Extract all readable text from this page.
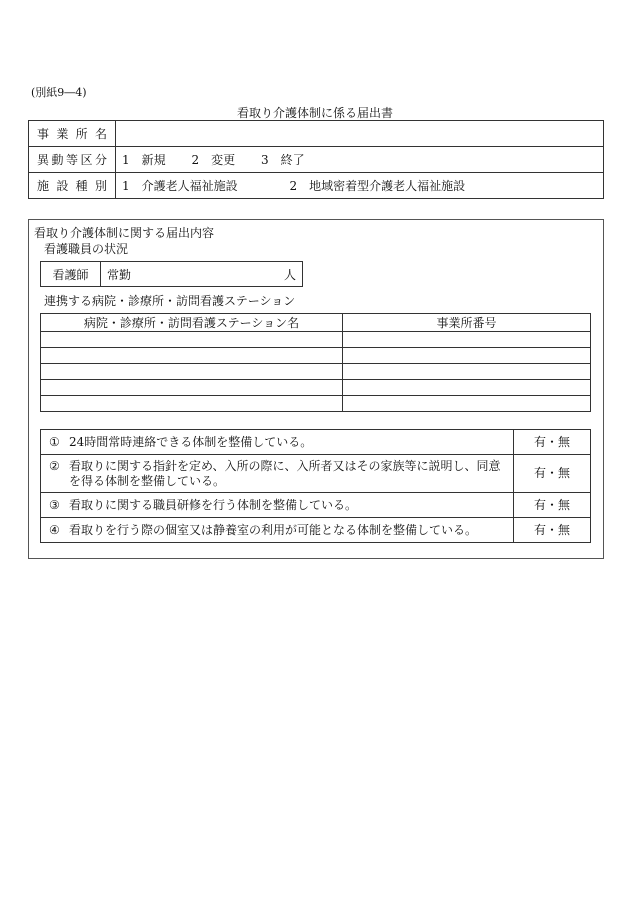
(別紙9―4)
看取り介護体制に係る届出書
事業所名	
異動等区分	1　新規 2　変更 3　終了
施設種別	1　介護老人福祉施設 2　地域密着型介護老人福祉施設
看取り介護体制に関する届出内容
看護職員の状況
看護師	常勤	人
連携する病院・診療所・訪問看護ステーション
病院・診療所・訪問看護ステーション名	事業所番号

① 24時間常時連絡できる体制を整備している。	有・無
② 看取りに関する指針を定め、入所の際に、入所者又はその家族等に説明し、同意を得る体制を整備している。	有・無
③ 看取りに関する職員研修を行う体制を整備している。	有・無
④ 看取りを行う際の個室又は静養室の利用が可能となる体制を整備している。	有・無
